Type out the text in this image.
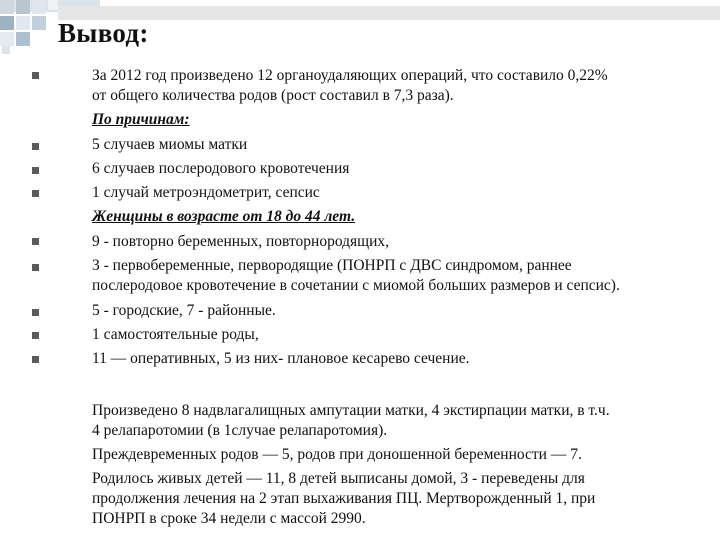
Вывод:
За 2012 год произведено 12 органоудаляющих операций, что составило 0,22%
от общего количества родов (рост составил в 7,3 раза).
По причинам:
5 случаев миомы матки
6 случаев послеродового кровотечения
1 случай метроэндометрит, сепсис
Женщины в возрасте от 18 до 44 лет.
9 - повторно беременных, повторнородящих,
3 - первобеременные, первородящие (ПОНРП с ДВС синдромом, раннее
послеродовое кровотечение в сочетании с миомой больших размеров и сепсис).
5 - городские, 7 - районные.
1 самостоятельные роды,
11 — оперативных, 5 из них- плановое кесарево сечение.
Произведено 8 надвлагалищных ампутации матки, 4 экстирпации матки, в т.ч.
4 релапаротомии (в 1случае релапаротомия).
Преждевременных родов — 5, родов при доношенной беременности — 7.
Родилось живых детей — 11, 8 детей выписаны домой, 3 - переведены для
продолжения лечения на 2 этап выхаживания ПЦ. Мертворожденный 1, при
ПОНРП в сроке 34 недели с массой 2990.
